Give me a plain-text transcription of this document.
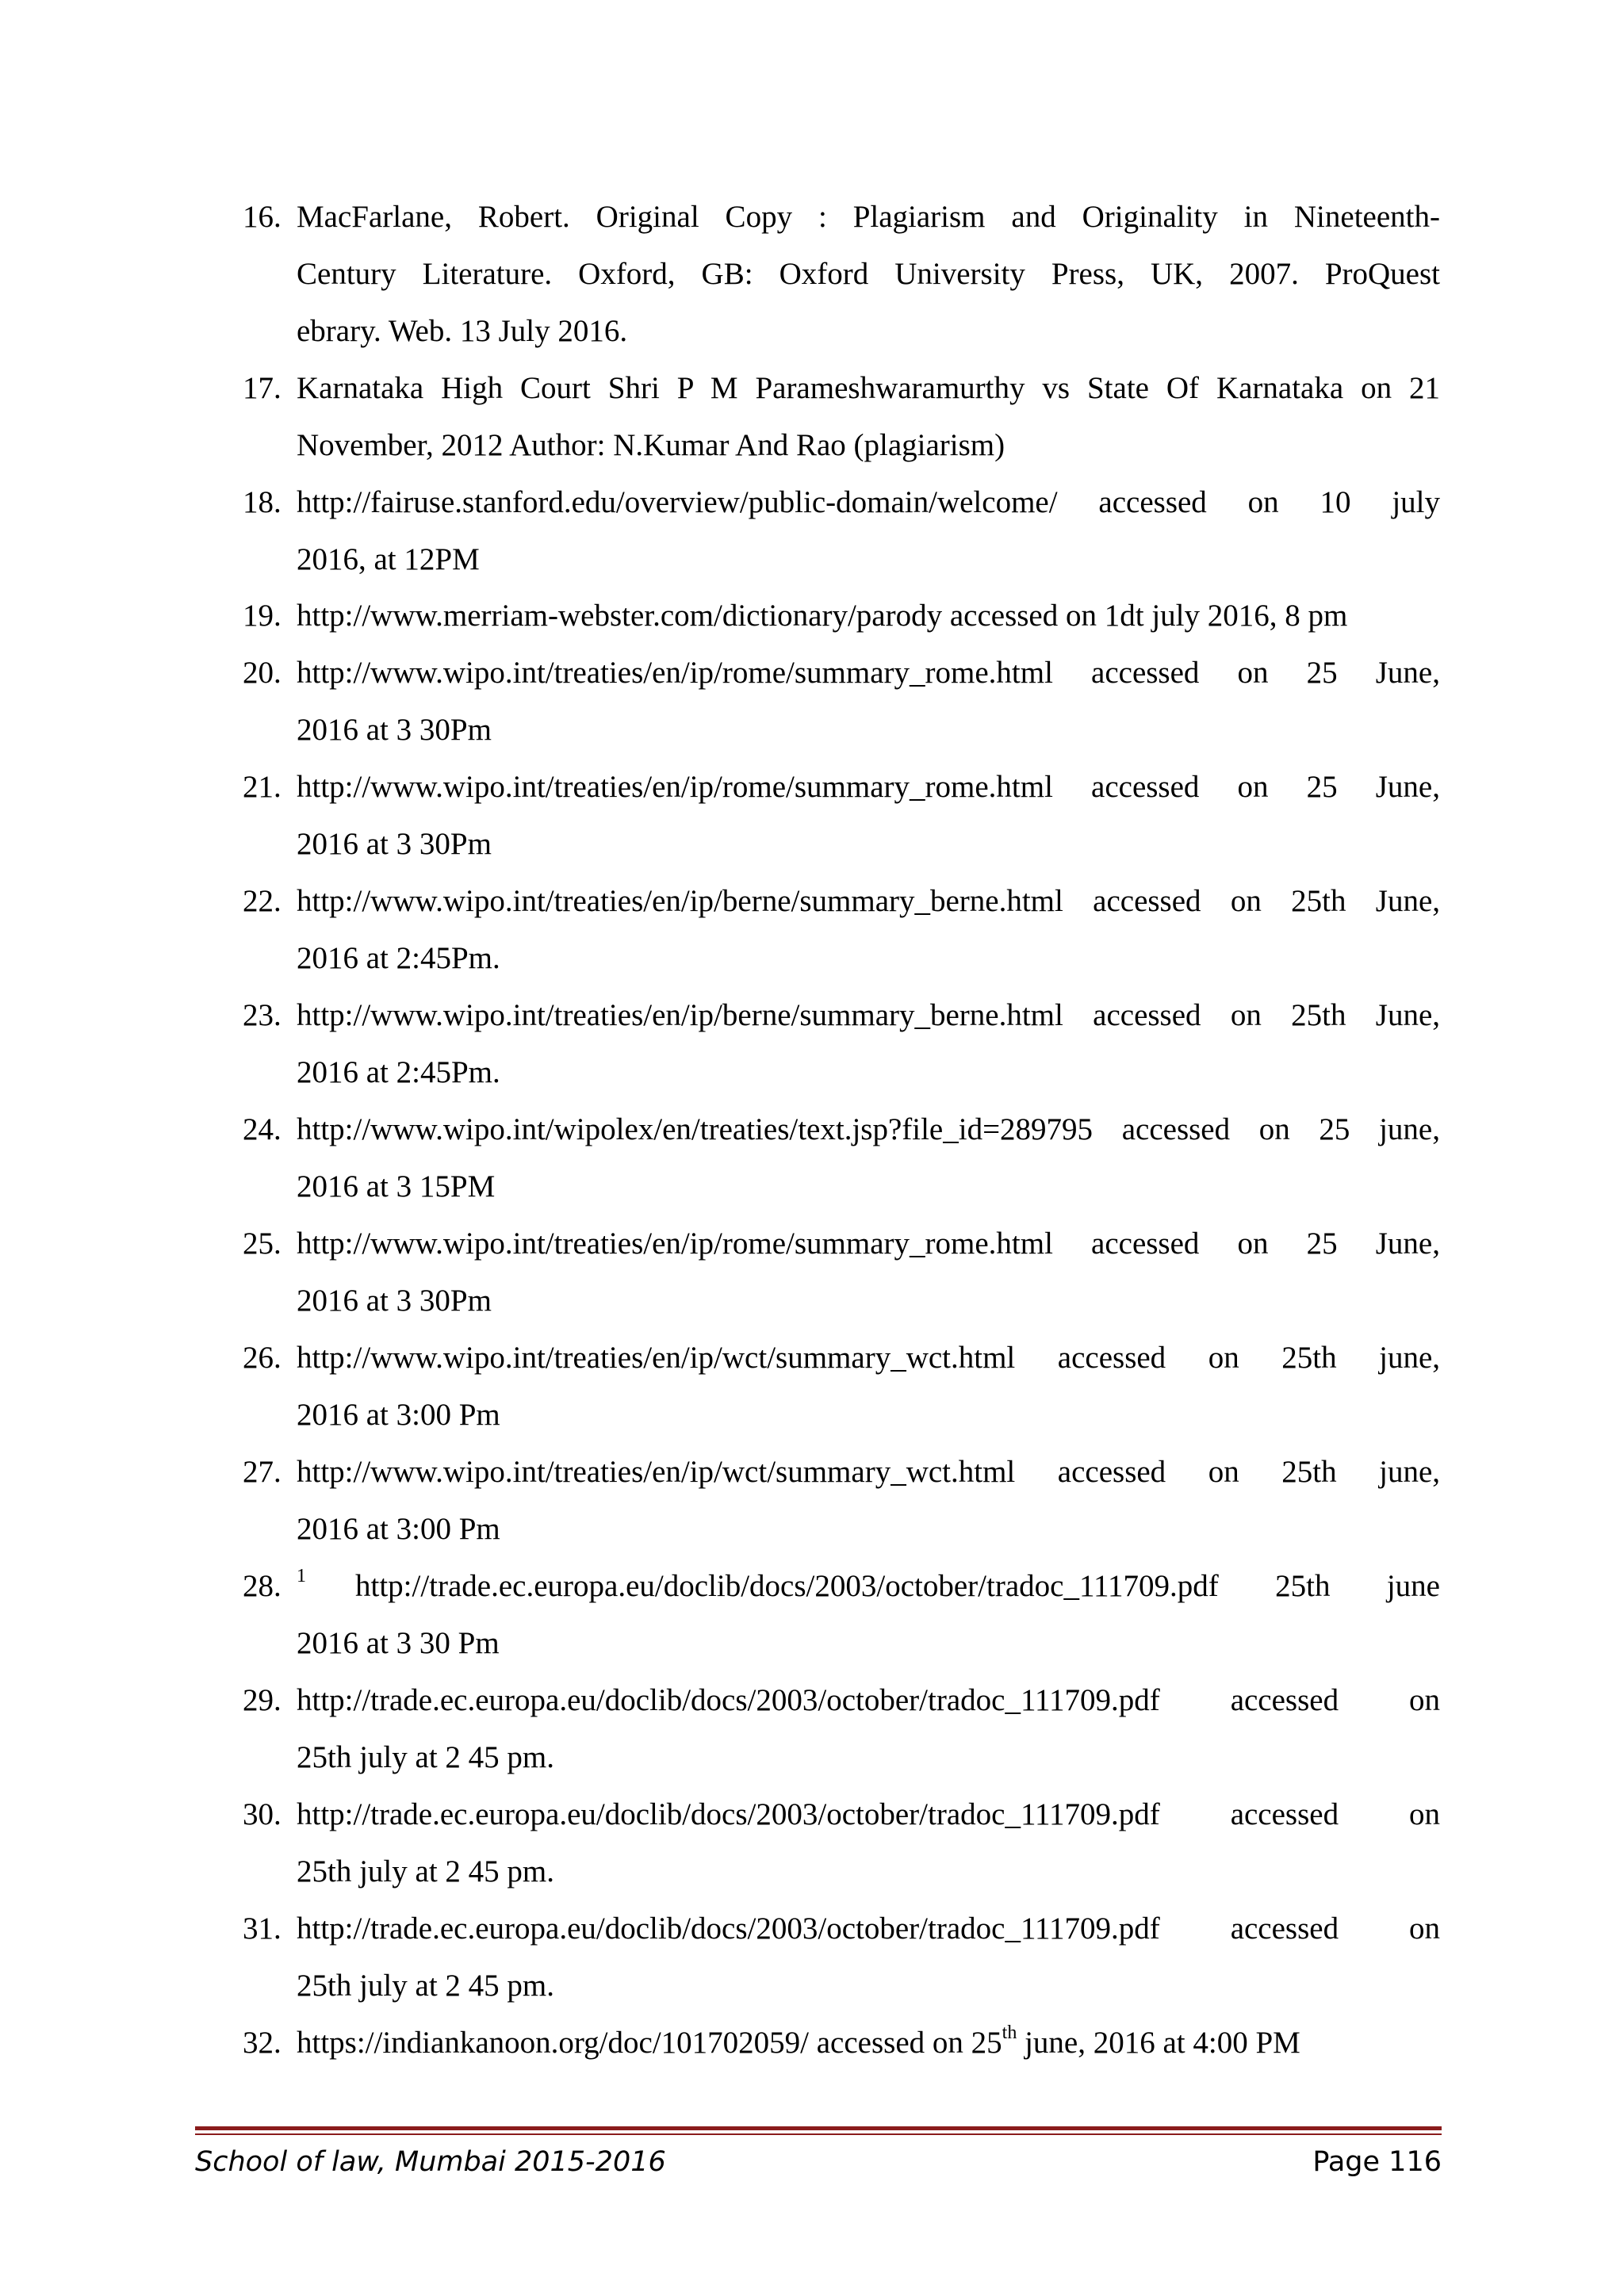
16. MacFarlane, Robert. Original Copy : Plagiarism and Originality in Nineteenth-
Century Literature. Oxford, GB: Oxford University Press, UK, 2007. ProQuest
ebrary. Web. 13 July 2016.
17. Karnataka High Court Shri P M Parameshwaramurthy vs State Of Karnataka on 21
November, 2012 Author: N.Kumar And Rao (plagiarism)
18. http://fairuse.stanford.edu/overview/public-domain/welcome/ accessed on 10 july
2016, at 12PM
19. http://www.merriam-webster.com/dictionary/parody accessed on 1dt july 2016, 8 pm
20. http://www.wipo.int/treaties/en/ip/rome/summary_rome.html accessed on 25 June,
2016 at 3 30Pm
21. http://www.wipo.int/treaties/en/ip/rome/summary_rome.html accessed on 25 June,
2016 at 3 30Pm
22. http://www.wipo.int/treaties/en/ip/berne/summary_berne.html accessed on 25th June,
2016 at 2:45Pm.
23. http://www.wipo.int/treaties/en/ip/berne/summary_berne.html accessed on 25th June,
2016 at 2:45Pm.
24. http://www.wipo.int/wipolex/en/treaties/text.jsp?file_id=289795 accessed on 25 june,
2016 at 3 15PM
25. http://www.wipo.int/treaties/en/ip/rome/summary_rome.html accessed on 25 June,
2016 at 3 30Pm
26. http://www.wipo.int/treaties/en/ip/wct/summary_wct.html accessed on 25th june,
2016 at 3:00 Pm
27. http://www.wipo.int/treaties/en/ip/wct/summary_wct.html accessed on 25th june,
2016 at 3:00 Pm
28. $^1$	http://trade.ec.europa.eu/doclib/docs/2003/october/tradoc_111709.pdf 25th june
2016 at 3 30 Pm
29. http://trade.ec.europa.eu/doclib/docs/2003/october/tradoc_111709.pdf accessed on
25th july at 2 45 pm.
30. http://trade.ec.europa.eu/doclib/docs/2003/october/tradoc_111709.pdf accessed on
25th july at 2 45 pm.
31. http://trade.ec.europa.eu/doclib/docs/2003/october/tradoc_111709.pdf accessed on
25th july at 2 45 pm.
32. https://indiankanoon.org/doc/101702059/ accessed on 25th june, 2016 at 4:00 PM
School of law, Mumbai 2015-2016	Page 116
